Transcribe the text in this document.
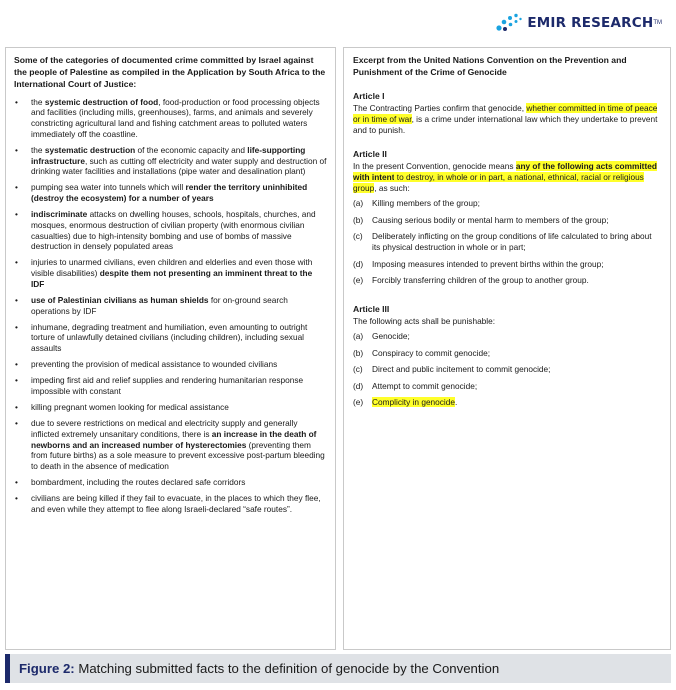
EMIR RESEARCH TM
Some of the categories of documented crime committed by Israel against the people of Palestine as compiled in the Application by South Africa to the International Court of Justice:
• the systemic destruction of food, food-production or food processing objects and facilities (including mills, greenhouses), farms, and animals and severely constricting agricultural land and fishing catchment areas to polluted waters immediately off the coastline.
• the systematic destruction of the economic capacity and life-supporting infrastructure, such as cutting off electricity and water supply and destruction of drinking water facilities and installations (pipe water and desalination plant)
• pumping sea water into tunnels which will render the territory uninhibited (destroy the ecosystem) for a number of years
• indiscriminate attacks on dwelling houses, schools, hospitals, churches, and mosques, enormous destruction of civilian property (with enormous civilian casualties) due to high-intensity bombing and use of bombs of massive destruction in densely populated areas
• injuries to unarmed civilians, even children and elderlies and even those with visible disabilities) despite them not presenting an imminent threat to the IDF
• use of Palestinian civilians as human shields for on-ground search operations by IDF
• inhumane, degrading treatment and humiliation, even amounting to outright torture of unlawfully detained civilians (including children), including sexual assaults
• preventing the provision of medical assistance to wounded civilians
• impeding first aid and relief supplies and rendering humanitarian response impossible with constant
• killing pregnant women looking for medical assistance
• due to severe restrictions on medical and electricity supply and generally inflicted extremely unsanitary conditions, there is an increase in the death of newborns and an increased number of hysterectomies (preventing them from future births) as a sole measure to prevent excessive post-partum bleeding to death in the absence of medication
• bombardment, including the routes declared safe corridors
• civilians are being killed if they fail to evacuate, in the places to which they flee, and even while they attempt to flee along Israeli-declared “safe routes”.
Excerpt from the United Nations Convention on the Prevention and Punishment of the Crime of Genocide
Article I
The Contracting Parties confirm that genocide, whether committed in time of peace or in time of war, is a crime under international law which they undertake to prevent and to punish.
Article II
In the present Convention, genocide means any of the following acts committed with intent to destroy, in whole or in part, a national, ethnical, racial or religious group, as such:
(a) Killing members of the group;
(b) Causing serious bodily or mental harm to members of the group;
(c) Deliberately inflicting on the group conditions of life calculated to bring about its physical destruction in whole or in part;
(d) Imposing measures intended to prevent births within the group;
(e) Forcibly transferring children of the group to another group.
Article III
The following acts shall be punishable:
(a) Genocide;
(b) Conspiracy to commit genocide;
(c) Direct and public incitement to commit genocide;
(d) Attempt to commit genocide;
(e) Complicity in genocide.
Figure 2: Matching submitted facts to the definition of genocide by the Convention
